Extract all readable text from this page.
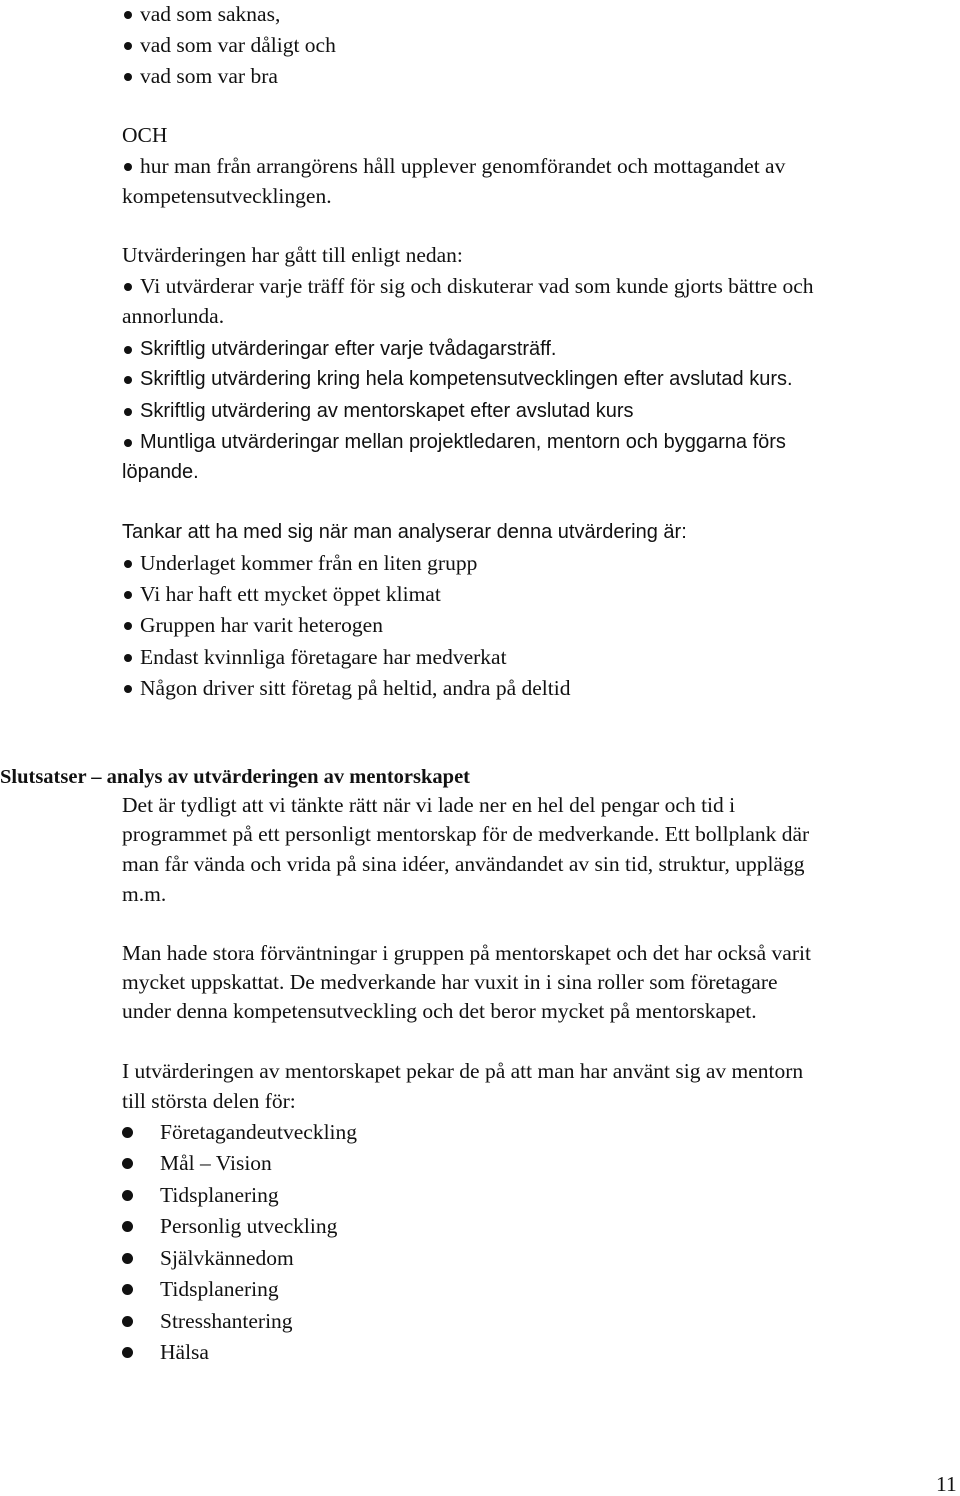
vad som saknas,
vad som var dåligt och
vad som var bra
OCH
hur man från arrangörens håll upplever genomförandet och mottagandet av
kompetensutvecklingen.
Utvärderingen har gått till enligt nedan:
Vi utvärderar varje träff för sig och diskuterar vad som kunde gjorts bättre och
annorlunda.
Skriftlig utvärderingar efter varje tvådagarsträff.
Skriftlig utvärdering kring hela kompetensutvecklingen efter avslutad kurs.
Skriftlig utvärdering av mentorskapet efter avslutad kurs
Muntliga utvärderingar mellan projektledaren, mentorn och byggarna förs
löpande.
Tankar att ha med sig när man analyserar denna utvärdering är:
Underlaget kommer från en liten grupp
Vi har haft ett mycket öppet klimat
Gruppen har varit heterogen
Endast kvinnliga företagare har medverkat
Någon driver sitt företag på heltid, andra på deltid
Slutsatser – analys av utvärderingen av mentorskapet
Det är tydligt att vi tänkte rätt när vi lade ner en hel del pengar och tid i
programmet på ett personligt mentorskap för de medverkande. Ett bollplank där
man får vända och vrida på sina idéer, användandet av sin tid, struktur, upplägg
m.m.
Man hade stora förväntningar i gruppen på mentorskapet och det har också varit
mycket uppskattat. De medverkande har vuxit in i sina roller som företagare
under denna kompetensutveckling och det beror mycket på mentorskapet.
I utvärderingen av mentorskapet pekar de på att man har använt sig av mentorn
till största delen för:
Företagandeutveckling
Mål – Vision
Tidsplanering
Personlig utveckling
Självkännedom
Tidsplanering
Stresshantering
Hälsa
11
